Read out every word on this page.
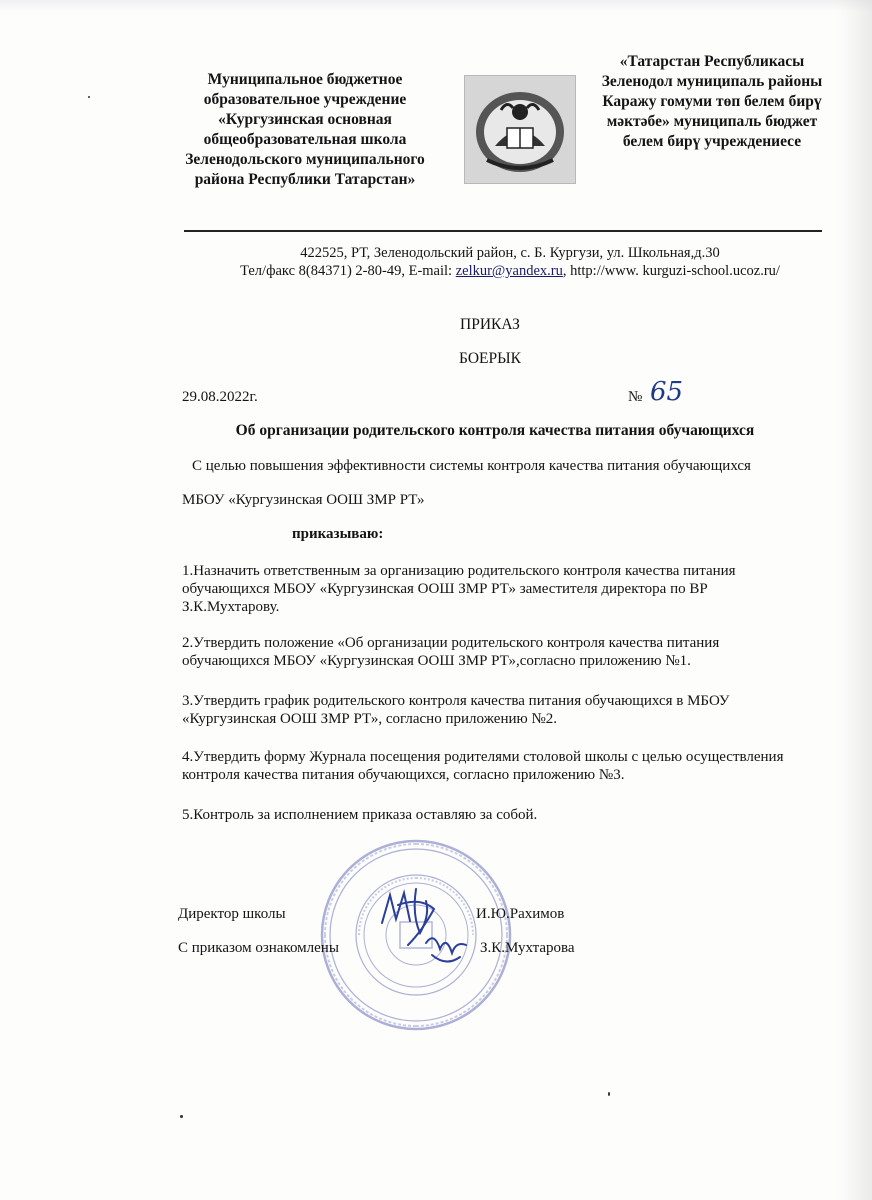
Муниципальное бюджетное
образовательное учреждение
«Кургузинская основная
общеобразовательная школа
Зеленодольского муниципального
района Республики Татарстан»
«Татарстан Республикасы
Зеленодол муниципаль районы
Каражу гомуми төп белем бирү
мәктәбе» муниципаль бюджет
белем бирү учреждениесе
422525, РТ, Зеленодольский район, с. Б. Кургузи, ул. Школьная,д.30
Тел/факс 8(84371) 2-80-49, E-mail: zelkur@yandex.ru, http://www. kurguzi-school.ucoz.ru/
ПРИКАЗ
БОЕРЫК
29.08.2022г.	№ 65
Об организации родительского контроля качества питания обучающихся
С целью повышения эффективности системы контроля качества питания обучающихся
МБОУ «Кургузинская ООШ ЗМР РТ»
приказываю:
1.Назначить ответственным за организацию родительского контроля качества питания обучающихся МБОУ «Кургузинская ООШ ЗМР РТ» заместителя директора по ВР З.К.Мухтарову.
2.Утвердить положение «Об организации родительского контроля качества питания обучающихся МБОУ «Кургузинская ООШ ЗМР РТ»,согласно приложению №1.
3.Утвердить график родительского контроля качества питания обучающихся в МБОУ «Кургузинская ООШ ЗМР РТ», согласно приложению №2.
4.Утвердить форму Журнала посещения родителями столовой школы с целью осуществления контроля качества питания обучающихся, согласно приложению №3.
5.Контроль за исполнением приказа оставляю за собой.
Директор школы
С приказом ознакомлены
И.Ю.Рахимов
З.К.Мухтарова
